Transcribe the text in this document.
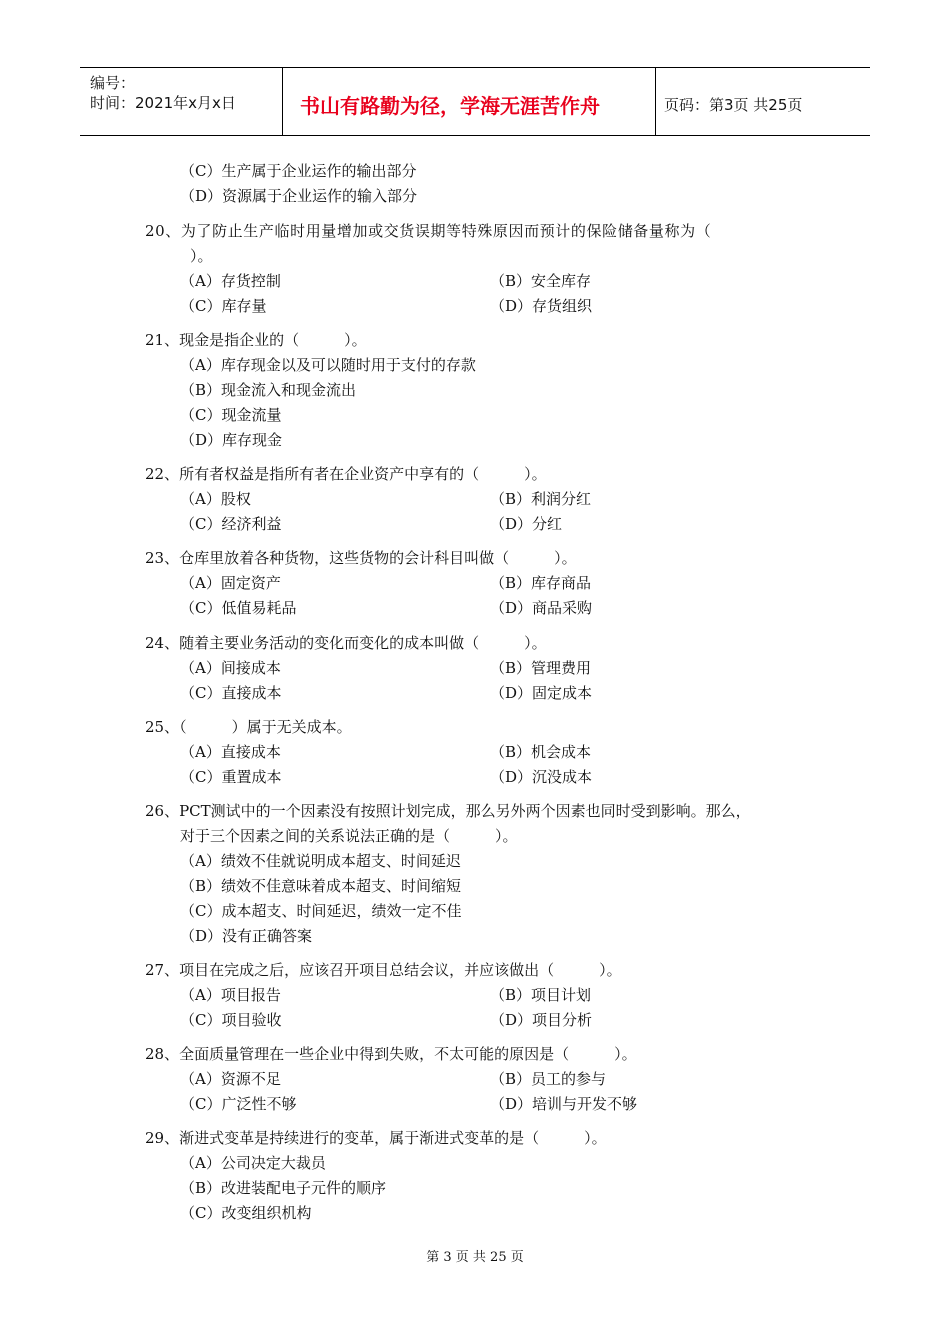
编号：
时间：2021年x月x日	书山有路勤为径，学海无涯苦作舟	页码：第3页 共25页
（C）生产属于企业运作的输出部分
（D）资源属于企业运作的输入部分
20、为了防止生产临时用量增加或交货误期等特殊原因而预计的保险储备量称为（
）。
（A）存货控制	（B）安全库存
（C）库存量	（D）存货组织
21、现金是指企业的（　　　）。
（A）库存现金以及可以随时用于支付的存款
（B）现金流入和现金流出
（C）现金流量
（D）库存现金
22、所有者权益是指所有者在企业资产中享有的（　　　）。
（A）股权	（B）利润分红
（C）经济利益	（D）分红
23、仓库里放着各种货物，这些货物的会计科目叫做（　　　）。
（A）固定资产	（B）库存商品
（C）低值易耗品	（D）商品采购
24、随着主要业务活动的变化而变化的成本叫做（　　　）。
（A）间接成本	（B）管理费用
（C）直接成本	（D）固定成本
25、（　　　）属于无关成本。
（A）直接成本	（B）机会成本
（C）重置成本	（D）沉没成本
26、PCT测试中的一个因素没有按照计划完成，那么另外两个因素也同时受到影响。那么，
对于三个因素之间的关系说法正确的是（　　　）。
（A）绩效不佳就说明成本超支、时间延迟
（B）绩效不佳意味着成本超支、时间缩短
（C）成本超支、时间延迟，绩效一定不佳
（D）没有正确答案
27、项目在完成之后，应该召开项目总结会议，并应该做出（　　　）。
（A）项目报告	（B）项目计划
（C）项目验收	（D）项目分析
28、全面质量管理在一些企业中得到失败，不太可能的原因是（　　　）。
（A）资源不足	（B）员工的参与
（C）广泛性不够	（D）培训与开发不够
29、渐进式变革是持续进行的变革，属于渐进式变革的是（　　　）。
（A）公司决定大裁员
（B）改进装配电子元件的顺序
（C）改变组织机构
第 3 页 共 25 页
